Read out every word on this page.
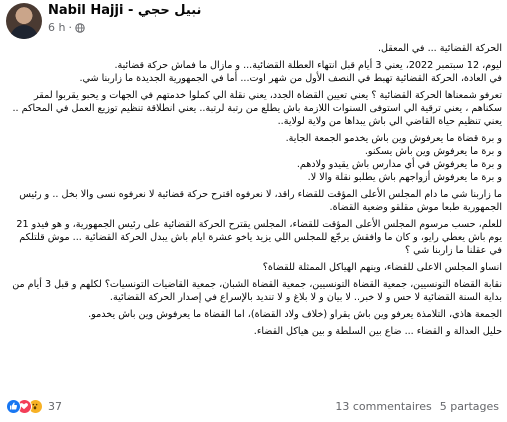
Nabil Hajji - نبيل حجي
6 h ·

الحركة القضائية ... في المعقل.

ليوم، 12 سبتمبر 2022، يعني 3 أيام قبل انتهاء العطلة القضائية... و مازال ما فماش حركة قضائية.
في العادة، الحركة القضائية تهبط في النصف الأول من شهر اوت... أما في الجمهورية الجديدة ما زاربنا شي.

تعرفو شمعناها الحركة القضائية ؟ يعني تعيين القضاة الجدد، يعني نقلة الي كملوا خدمتهم في الجهات و يحبو يقربوا لمقر سكناهم ، يعني ترقية الي استوفى السنوات اللازمة باش يطلع من رتبة لرتبة.. يعني انطلاقة تنظيم توزيع العمل في المحاكم .. يعني تنظيم حياة القاضي الي باش يبداها من ولاية لولاية..

و برة قضاة ما يعرفوش وين باش يخدمو الجمعة الجاية.
و برة ما يعرفوش وين باش يسكنو.
و برة ما يعرفوش في أي مدارس باش يقيدو ولادهم.
و برة ما يعرفوش أزواجهم باش يطلبو نقلة والا لا.

ما زاربنا شي ما دام المجلس الأعلى المؤقت للقضاء راقد، لا نعرفوه اقترح حركة قضائية لا نعرفوه نسى والا بخل .. و رئيس الجمهورية طبعا موش مقلقو وضعية القضاة.

للعلم، حسب مرسوم المجلس الأعلى المؤقت للقضاء، المجلس يقترح الحركة القضائية على رئيس الجمهورية، و هو فيدو 21 يوم باش يعطي رايو، و كان ما وافقش يرجّع للمجلس اللي يزيد ياخو عشرة ايام باش يبدل الحركة القضائية ... موش قلتلكم في عقلنا ما زاربنا شي ؟

انساو المجلس الاعلى للقضاء، وينهم الهياكل الممثلة للقضاة؟

نقابة القضاة التونسيين، جمعية القضاة التونسيين، جمعية القضاة الشبان، جمعية القاضيات التونسيات؟ لكلهم و قبل 3 أيام من بداية السنة القضائية لا حس و لا خبر.. لا بيان و لا بلاغ و لا تنديد بالإسراع في إصدار الحركة القضائية.

الجمعة هاذي، التلامذة يعرفو وين باش يقراو (خلاف ولاد القضاة)، اما القضاة ما يعرفوش وين باش يخدمو.

حليل العدالة و القضاء ... ضاع بين السلطة و بين هياكل القضاء.

37	13 commentaires 5 partages
